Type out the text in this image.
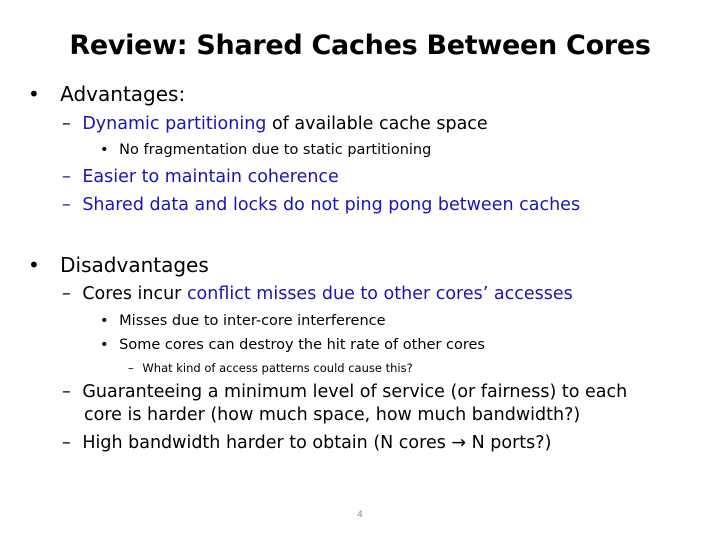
Review: Shared Caches Between Cores
• Advantages:
– Dynamic partitioning of available cache space
• No fragmentation due to static partitioning
– Easier to maintain coherence
– Shared data and locks do not ping pong between caches
• Disadvantages
– Cores incur conflict misses due to other cores’ accesses
• Misses due to inter-core interference
• Some cores can destroy the hit rate of other cores
– What kind of access patterns could cause this?
– Guaranteeing a minimum level of service (or fairness) to each
core is harder (how much space, how much bandwidth?)
– High bandwidth harder to obtain (N cores → N ports?)
4
